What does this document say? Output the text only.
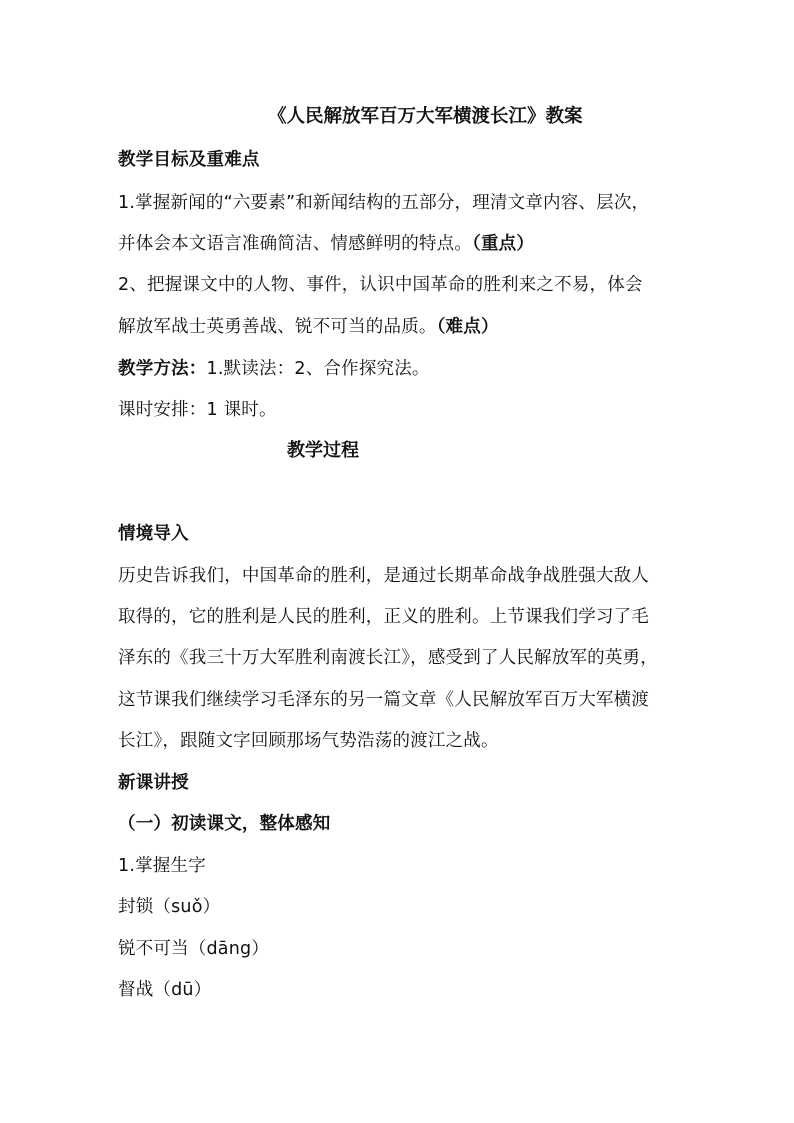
《人民解放军百万大军横渡长江》教案
教学目标及重难点
1.掌握新闻的“六要素”和新闻结构的五部分，理清文章内容、层次，
并体会本文语言准确简洁、情感鲜明的特点。（重点）
2、把握课文中的人物、事件，认识中国革命的胜利来之不易，体会
解放军战士英勇善战、锐不可当的品质。（难点）
教学方法：1.默读法：2、合作探究法。
课时安排：1 课时。
教学过程
情境导入
历史告诉我们，中国革命的胜利，是通过长期革命战争战胜强大敌人
取得的，它的胜利是人民的胜利，正义的胜利。上节课我们学习了毛
泽东的《我三十万大军胜利南渡长江》，感受到了人民解放军的英勇，
这节课我们继续学习毛泽东的另一篇文章《人民解放军百万大军横渡
长江》，跟随文字回顾那场气势浩荡的渡江之战。
新课讲授
（一）初读课文，整体感知
1.掌握生字
封锁（suǒ）
锐不可当（dāng）
督战（dū）
